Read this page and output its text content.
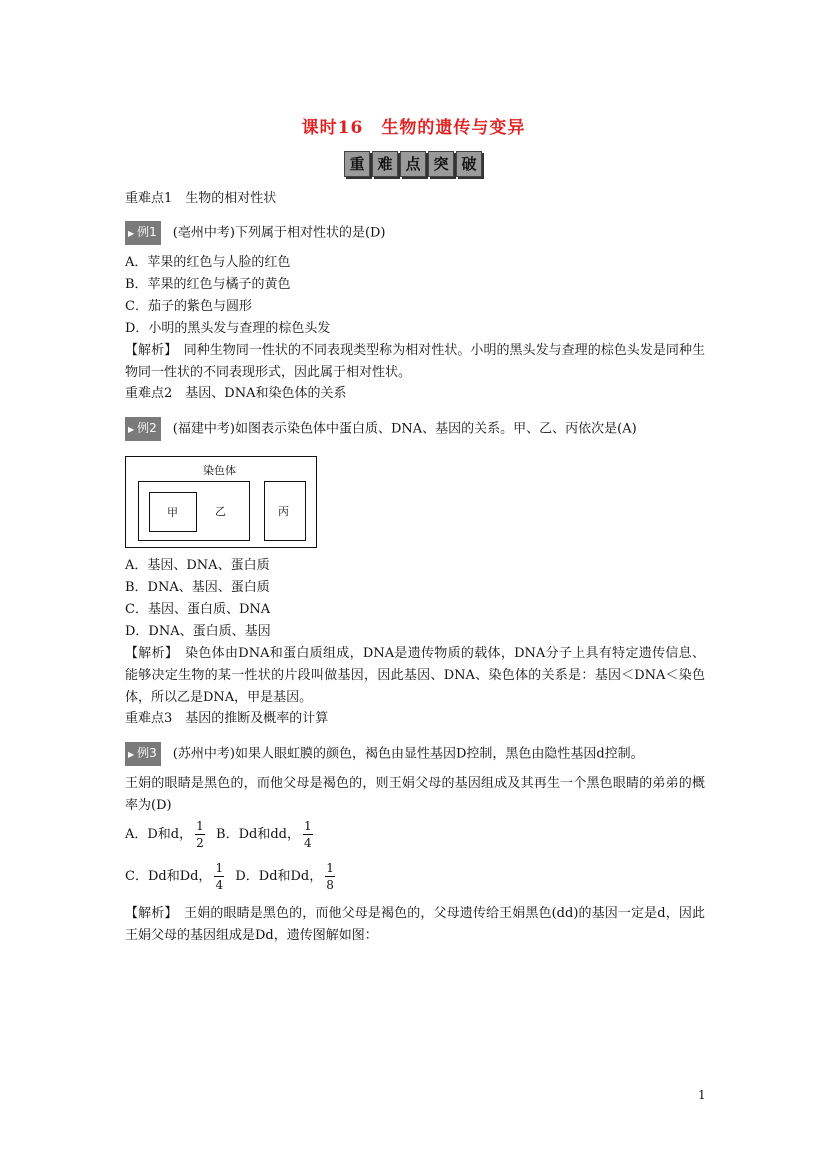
课时16　生物的遗传与变异
重 难 点 突 破
重难点1　生物的相对性状
▶ 例1 (亳州中考)下列属于相对性状的是(D)
A．苹果的红色与人脸的红色
B．苹果的红色与橘子的黄色
C．茄子的紫色与圆形
D．小明的黑头发与查理的棕色头发
【解析】　 同种生物同一性状的不同表现类型称为相对性状。小明的黑头发与查理的棕色头发是同种生物同一性状的不同表现形式，因此属于相对性状。
重难点2　基因、DNA和染色体的关系
▶ 例2 (福建中考)如图表示染色体中蛋白质、DNA、基因的关系。甲、乙、丙依次是(A)
甲	乙
染色体
丙
A．基因、DNA、蛋白质
B．DNA、基因、蛋白质
C．基因、蛋白质、DNA
D．DNA、蛋白质、基因
【解析】　 染色体由DNA和蛋白质组成，DNA是遗传物质的载体，DNA分子上具有特定遗传信息、能够决定生物的某一性状的片段叫做基因，因此基因、DNA、染色体的关系是：基因＜DNA＜染色体，所以乙是DNA，甲是基因。
重难点3　基因的推断及概率的计算
▶ 例3 (苏州中考)如果人眼虹膜的颜色，褐色由显性基因D控制，黑色由隐性基因d控制。
王娟的眼睛是黑色的，而他父母是褐色的，则王娟父母的基因组成及其再生一个黑色眼睛的弟弟的概率为(D)
A．D和d， $\frac{1}{2}$ B．Dd和dd， $\frac{1}{4}$
C．Dd和Dd， $\frac{1}{4}$ D．Dd和Dd， $\frac{1}{8}$
【解析】　 王娟的眼睛是黑色的，而他父母是褐色的，父母遗传给王娟黑色(dd)的基因一定是d，因此王娟父母的基因组成是Dd，遗传图解如图：
1
